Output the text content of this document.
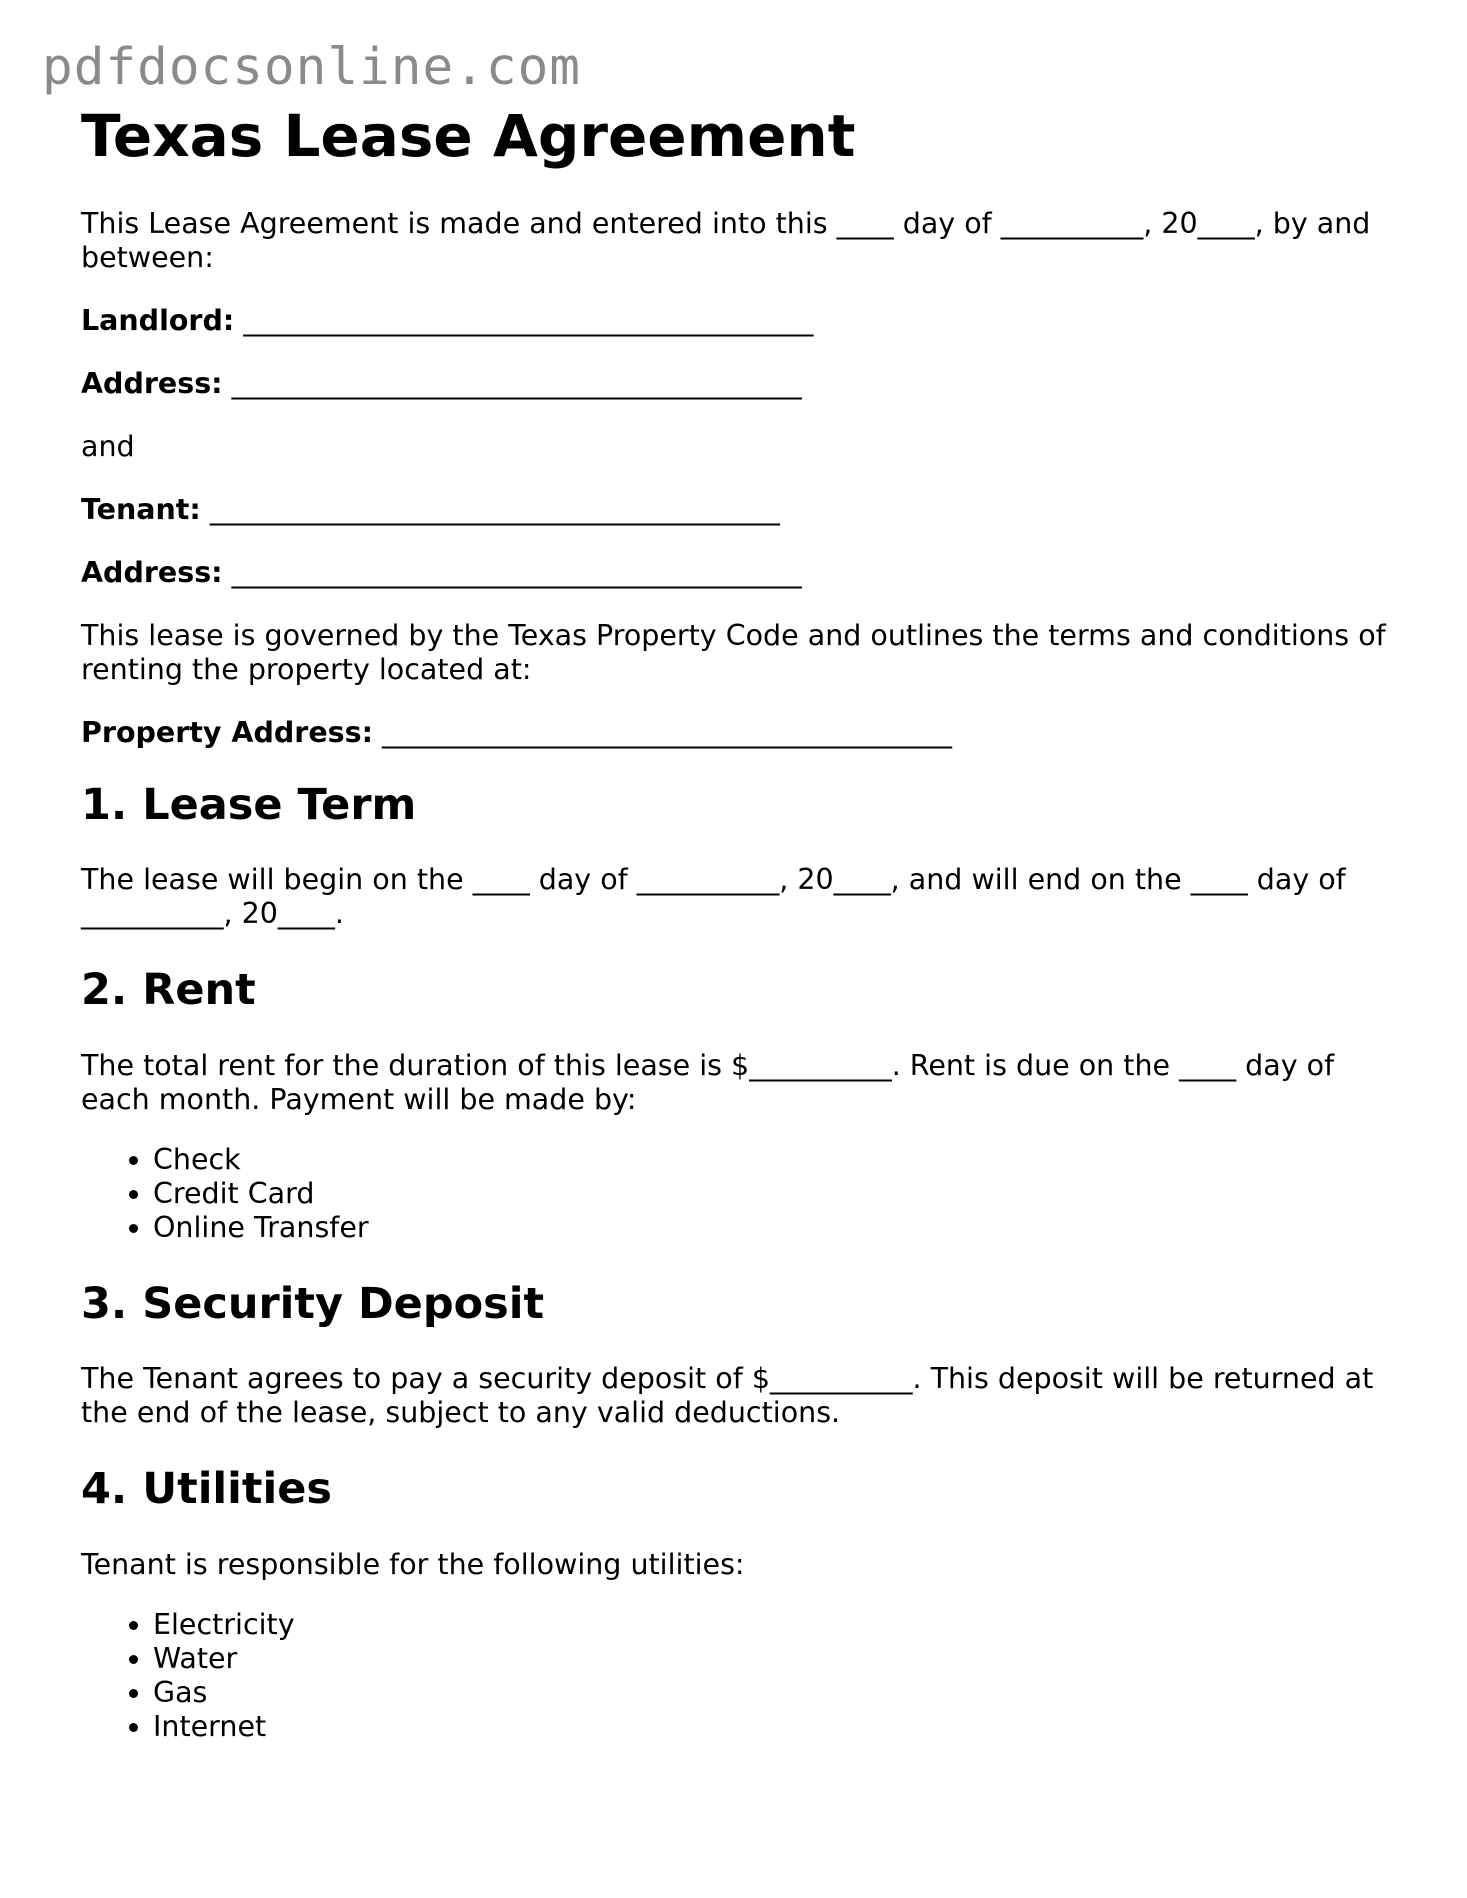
pdfdocsonline.com
Texas Lease Agreement

This Lease Agreement is made and entered into this ____ day of __________, 20____, by and between:

Landlord: ________________________________________

Address: ________________________________________

and

Tenant: ________________________________________

Address: ________________________________________

This lease is governed by the Texas Property Code and outlines the terms and conditions of renting the property located at:

Property Address: ________________________________________

1. Lease Term

The lease will begin on the ____ day of __________, 20____, and will end on the ____ day of __________, 20____.

2. Rent

The total rent for the duration of this lease is $__________. Rent is due on the ____ day of each month. Payment will be made by:

• Check
• Credit Card
• Online Transfer
3. Security Deposit

The Tenant agrees to pay a security deposit of $__________. This deposit will be returned at the end of the lease, subject to any valid deductions.

4. Utilities

Tenant is responsible for the following utilities:

• Electricity
• Water
• Gas
• Internet
